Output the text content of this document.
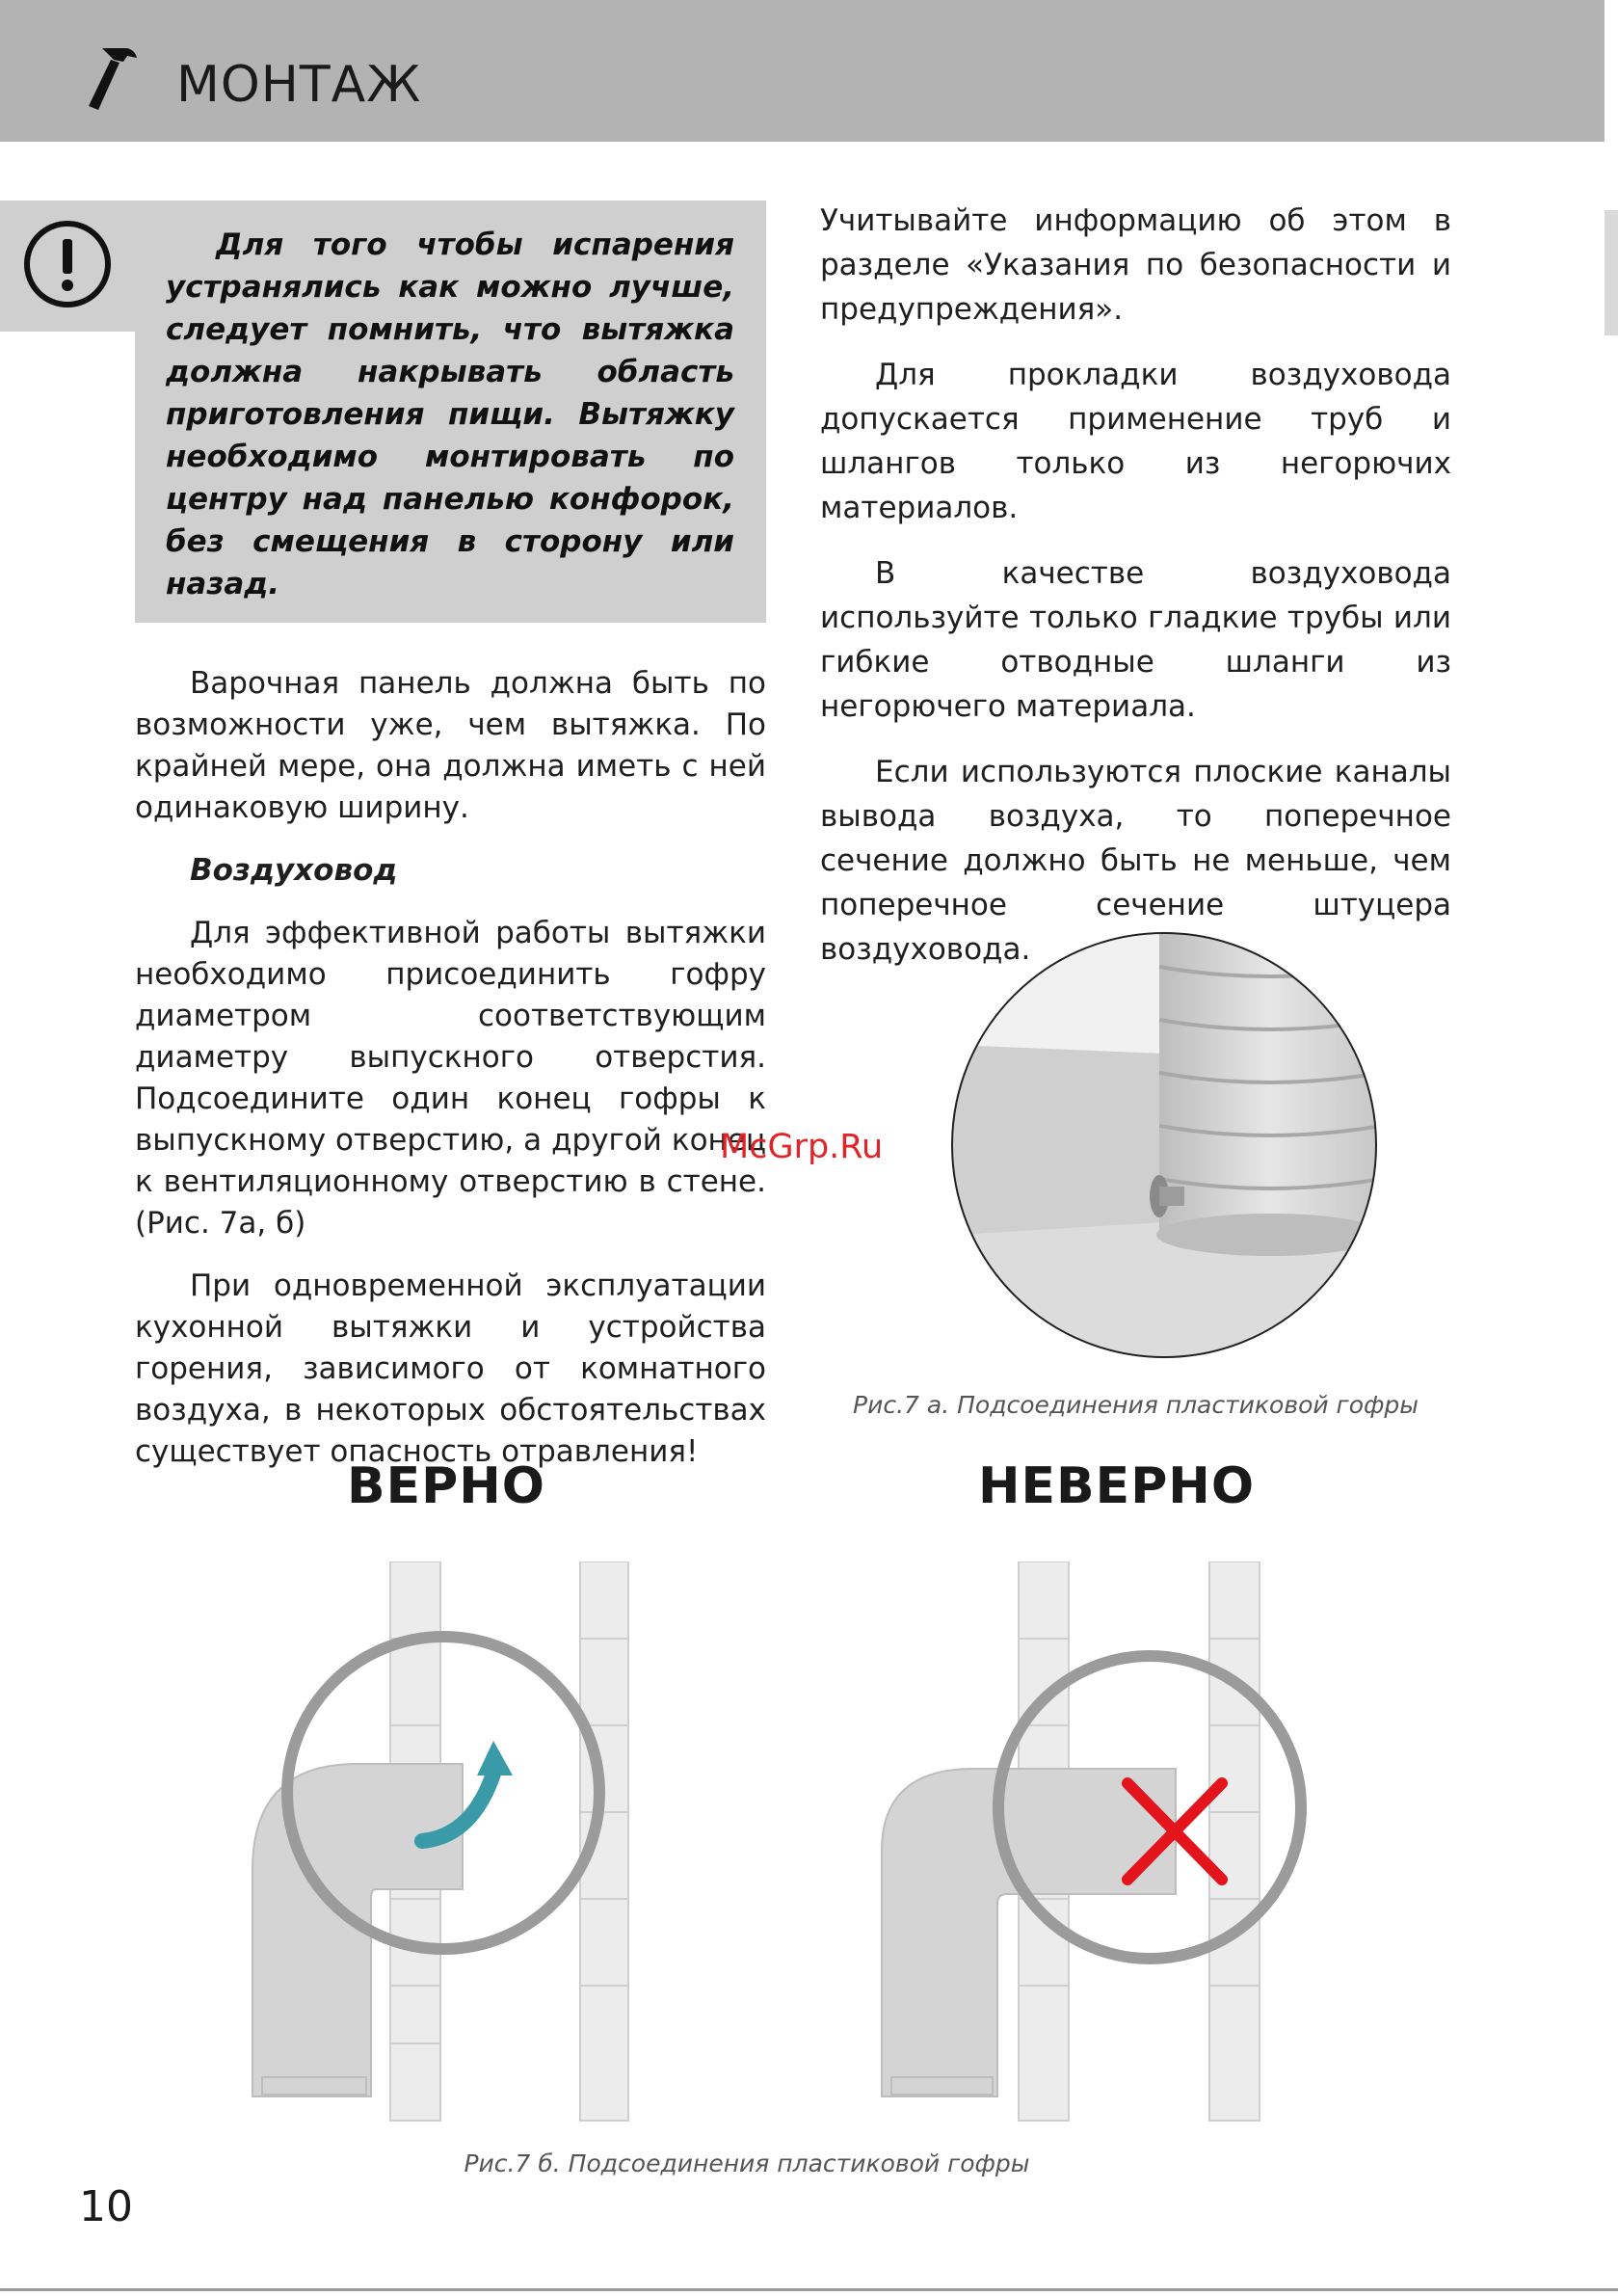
МОНТАЖ

Для того чтобы испарения устранялись как можно лучше, следует помнить, что вытяжка должна накрывать область приготовления пищи. Вытяжку необходимо монтировать по центру над панелью конфорок, без смещения в сторону или назад.

Варочная панель должна быть по возможности уже, чем вытяжка. По крайней мере, она должна иметь с ней одинаковую ширину.

Воздуховод

Для эффективной работы вытяжки необходимо присоединить гофру диаметром соответствующим диаметру выпускного отверстия. Подсоедините один конец гофры к выпускному отверстию, а другой конец к вентиляционному отверстию в стене. (Рис. 7а, б)

При одновременной эксплуатации кухонной вытяжки и устройства горения, зависимого от комнатного воздуха, в некоторых обстоятельствах существует опасность отравления!

Учитывайте информацию об этом в разделе «Указания по безопасности и предупреждения».

Для прокладки воздуховода допускается применение труб и шлангов только из негорючих материалов.

В качестве воздуховода используйте только гладкие трубы или гибкие отводные шланги из негорючего материала.

Если используются плоские каналы вывода воздуха, то поперечное сечение должно быть не меньше, чем поперечное сечение штуцера воздуховода.

Рис.7 а. Подсоединения пластиковой гофры

ВЕРНО	НЕВЕРНО

Рис.7 б. Подсоединения пластиковой гофры

McGrp.Ru

10
